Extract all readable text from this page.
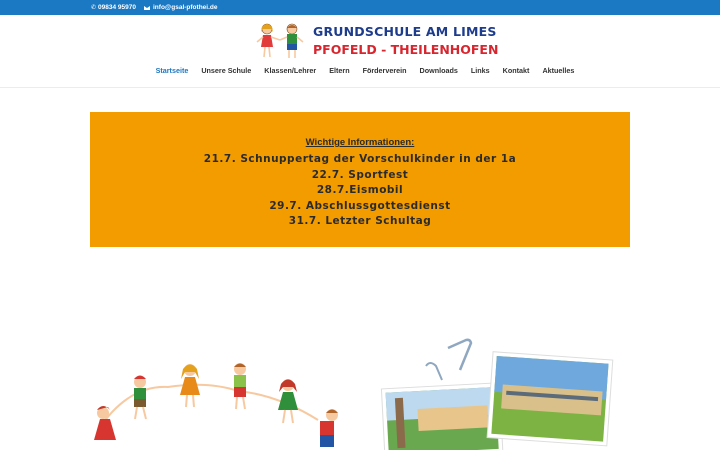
✆ 09834 95970	info@gsal-pfothei.de
GRUNDSCHULE AM LIMES
PFOFELD - THEILENHOFEN
Startseite Unsere Schule Klassen/Lehrer Eltern Förderverein Downloads Links Kontakt Aktuelles
Wichtige Informationen:
21.7. Schnuppertag der Vorschulkinder in der 1a
22.7. Sportfest
28.7.Eismobil
29.7. Abschlussgottesdienst
31.7. Letzter Schultag
